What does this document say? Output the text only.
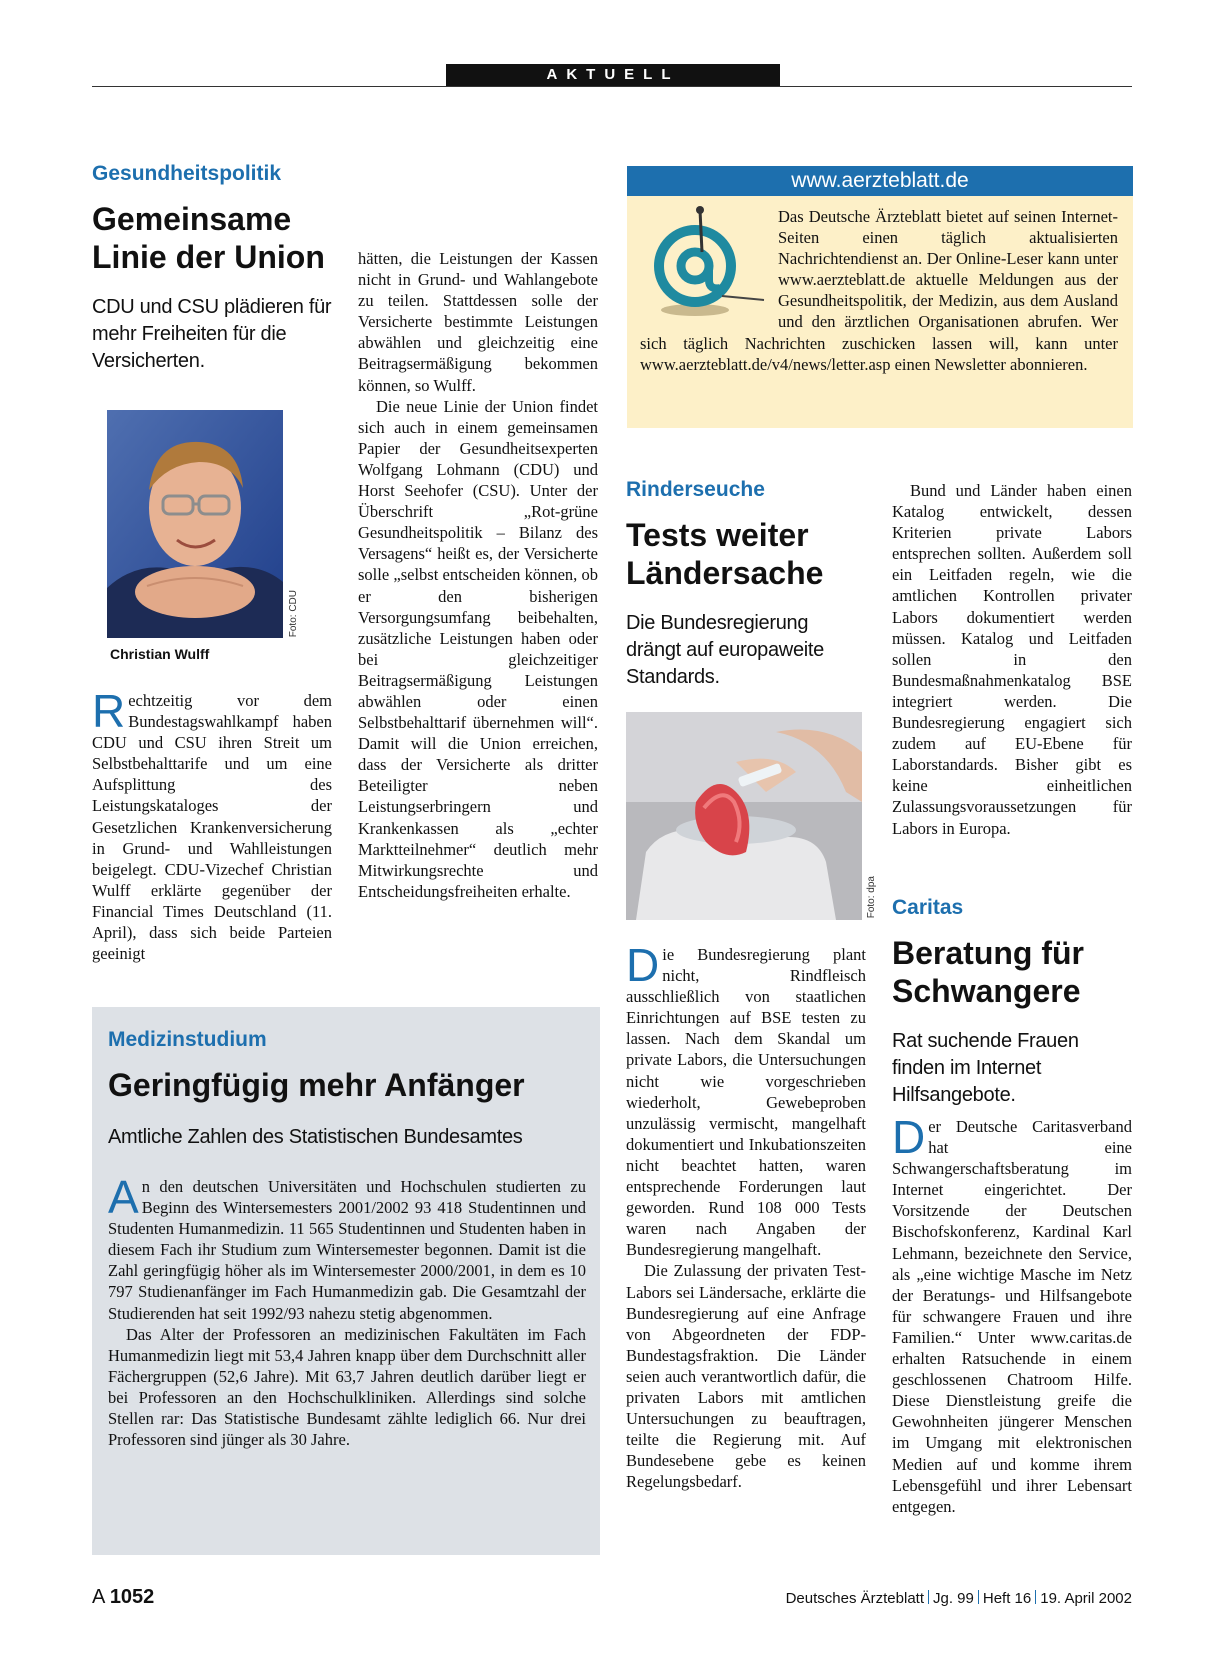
AKTUELL
Gesundheitspolitik
Gemeinsame
Linie der Union
CDU und CSU plädieren für mehr Freiheiten für die Versicherten.
Foto: CDU
Christian Wulff

Rechtzeitig vor dem Bundestagswahlkampf haben CDU und CSU ihren Streit um Selbstbehalttarife und um eine Aufsplittung des Leistungskataloges der Gesetzlichen Krankenversicherung in Grund- und Wahlleistungen beigelegt. CDU-Vizechef Christian Wulff erklärte gegenüber der Financial Times Deutschland (11. April), dass sich beide Parteien geeinigt

hätten, die Leistungen der Kassen nicht in Grund- und Wahlangebote zu teilen. Stattdessen solle der Versicherte bestimmte Leistungen abwählen und gleichzeitig eine Beitragsermäßigung bekommen können, so Wulff.

Die neue Linie der Union findet sich auch in einem gemeinsamen Papier der Gesundheitsexperten Wolfgang Lohmann (CDU) und Horst Seehofer (CSU). Unter der Überschrift „Rot-grüne Gesundheitspolitik – Bilanz des Versagens“ heißt es, der Versicherte solle „selbst entscheiden können, ob er den bisherigen Versorgungsumfang beibehalten, zusätzliche Leistungen haben oder bei gleichzeitiger Beitragsermäßigung Leistungen abwählen oder einen Selbstbehalttarif übernehmen will“. Damit will die Union erreichen, dass der Versicherte als dritter Beteiligter neben Leistungserbringern und Krankenkassen als „echter Marktteilnehmer“ deutlich mehr Mitwirkungsrechte und Entscheidungsfreiheiten erhalte.

www.aerzteblatt.de

Das Deutsche Ärzteblatt bietet auf seinen Internet-Seiten einen täglich aktualisierten Nachrichtendienst an. Der Online-Leser kann unter www.aerzteblatt.de aktuelle Meldungen aus der Gesundheitspolitik, der Medizin, aus dem Ausland und den ärztlichen Organisationen abrufen. Wer sich täglich Nachrichten zuschicken lassen will, kann unter www.aerzteblatt.de/v4/news/letter.asp einen Newsletter abonnieren.

Rinderseuche
Tests weiter
Ländersache
Die Bundesregierung drängt auf europaweite Standards.
Foto: dpa

Die Bundesregierung plant nicht, Rindfleisch ausschließlich von staatlichen Einrichtungen auf BSE testen zu lassen. Nach dem Skandal um private Labors, die Untersuchungen nicht wie vorgeschrieben wiederholt, Gewebeproben unzulässig vermischt, mangelhaft dokumentiert und Inkubationszeiten nicht beachtet hatten, waren entsprechende Forderungen laut geworden. Rund 108 000 Tests waren nach Angaben der Bundesregierung mangelhaft.

Die Zulassung der privaten Test-Labors sei Ländersache, erklärte die Bundesregierung auf eine Anfrage von Abgeordneten der FDP-Bundestagsfraktion. Die Länder seien auch verantwortlich dafür, die privaten Labors mit amtlichen Untersuchungen zu beauftragen, teilte die Regierung mit. Auf Bundesebene gebe es keinen Regelungsbedarf.

Bund und Länder haben einen Katalog entwickelt, dessen Kriterien private Labors entsprechen sollten. Außerdem soll ein Leitfaden regeln, wie die amtlichen Kontrollen privater Labors dokumentiert werden müssen. Katalog und Leitfaden sollen in den Bundesmaßnahmenkatalog BSE integriert werden. Die Bundesregierung engagiert sich zudem auf EU-Ebene für Laborstandards. Bisher gibt es keine einheitlichen Zulassungsvoraussetzungen für Labors in Europa.

Caritas
Beratung für
Schwangere
Rat suchende Frauen finden im Internet Hilfsangebote.

Der Deutsche Caritasverband hat eine Schwangerschaftsberatung im Internet eingerichtet. Der Vorsitzende der Deutschen Bischofskonferenz, Kardinal Karl Lehmann, bezeichnete den Service, als „eine wichtige Masche im Netz der Beratungs- und Hilfsangebote für schwangere Frauen und ihre Familien.“ Unter www.caritas.de erhalten Ratsuchende in einem geschlossenen Chatroom Hilfe. Diese Dienstleistung greife die Gewohnheiten jüngerer Menschen im Umgang mit elektronischen Medien auf und komme ihrem Lebensgefühl und ihrer Lebensart entgegen.

Medizinstudium
Geringfügig mehr Anfänger
Amtliche Zahlen des Statistischen Bundesamtes

An den deutschen Universitäten und Hochschulen studierten zu Beginn des Wintersemesters 2001/2002 93 418 Studentinnen und Studenten Humanmedizin. 11 565 Studentinnen und Studenten haben in diesem Fach ihr Studium zum Wintersemester begonnen. Damit ist die Zahl geringfügig höher als im Wintersemester 2000/2001, in dem es 10 797 Studienanfänger im Fach Humanmedizin gab. Die Gesamtzahl der Studierenden hat seit 1992/93 nahezu stetig abgenommen.

Das Alter der Professoren an medizinischen Fakultäten im Fach Humanmedizin liegt mit 53,4 Jahren knapp über dem Durchschnitt aller Fächergruppen (52,6 Jahre). Mit 63,7 Jahren deutlich darüber liegt er bei Professoren an den Hochschulkliniken. Allerdings sind solche Stellen rar: Das Statistische Bundesamt zählte lediglich 66. Nur drei Professoren sind jünger als 30 Jahre.

A 1052	Deutsches Ärzteblatt Jg. 99 Heft 16 19. April 2002
